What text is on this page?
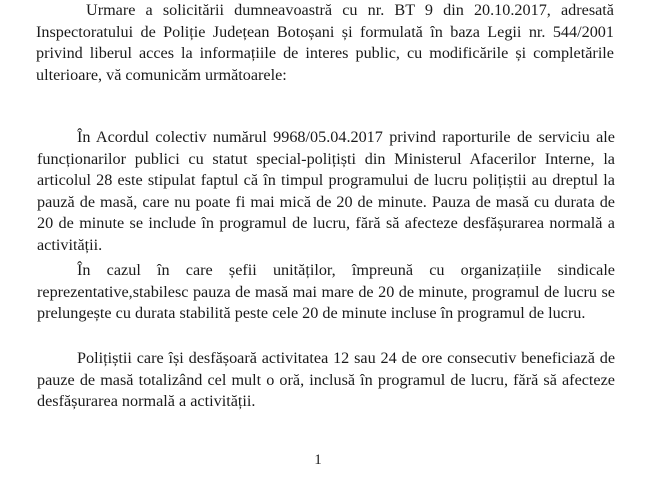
Urmare a solicitării dumneavoastră cu nr. BT 9 din 20.10.2017, adresată Inspectoratului de Poliție Județean Botoșani și formulată în baza Legii nr. 544/2001 privind liberul acces la informațiile de interes public, cu modificările și completările ulterioare, vă comunicăm următoarele:

În Acordul colectiv numărul 9968/05.04.2017 privind raporturile de serviciu ale funcționarilor publici cu statut special-polițiști din Ministerul Afacerilor Interne, la articolul 28 este stipulat faptul că în timpul programului de lucru polițiștii au dreptul la pauză de masă, care nu poate fi mai mică de 20 de minute. Pauza de masă cu durata de 20 de minute se include în programul de lucru, fără să afecteze desfășurarea normală a activității.

În cazul în care șefii unităților, împreună cu organizațiile sindicale reprezentative,stabilesc pauza de masă mai mare de 20 de minute, programul de lucru se prelungește cu durata stabilită peste cele 20 de minute incluse în programul de lucru.

Polițiștii care își desfășoară activitatea 12 sau 24 de ore consecutiv beneficiază de pauze de masă totalizând cel mult o oră, inclusă în programul de lucru, fără să afecteze desfășurarea normală a activității.

1
